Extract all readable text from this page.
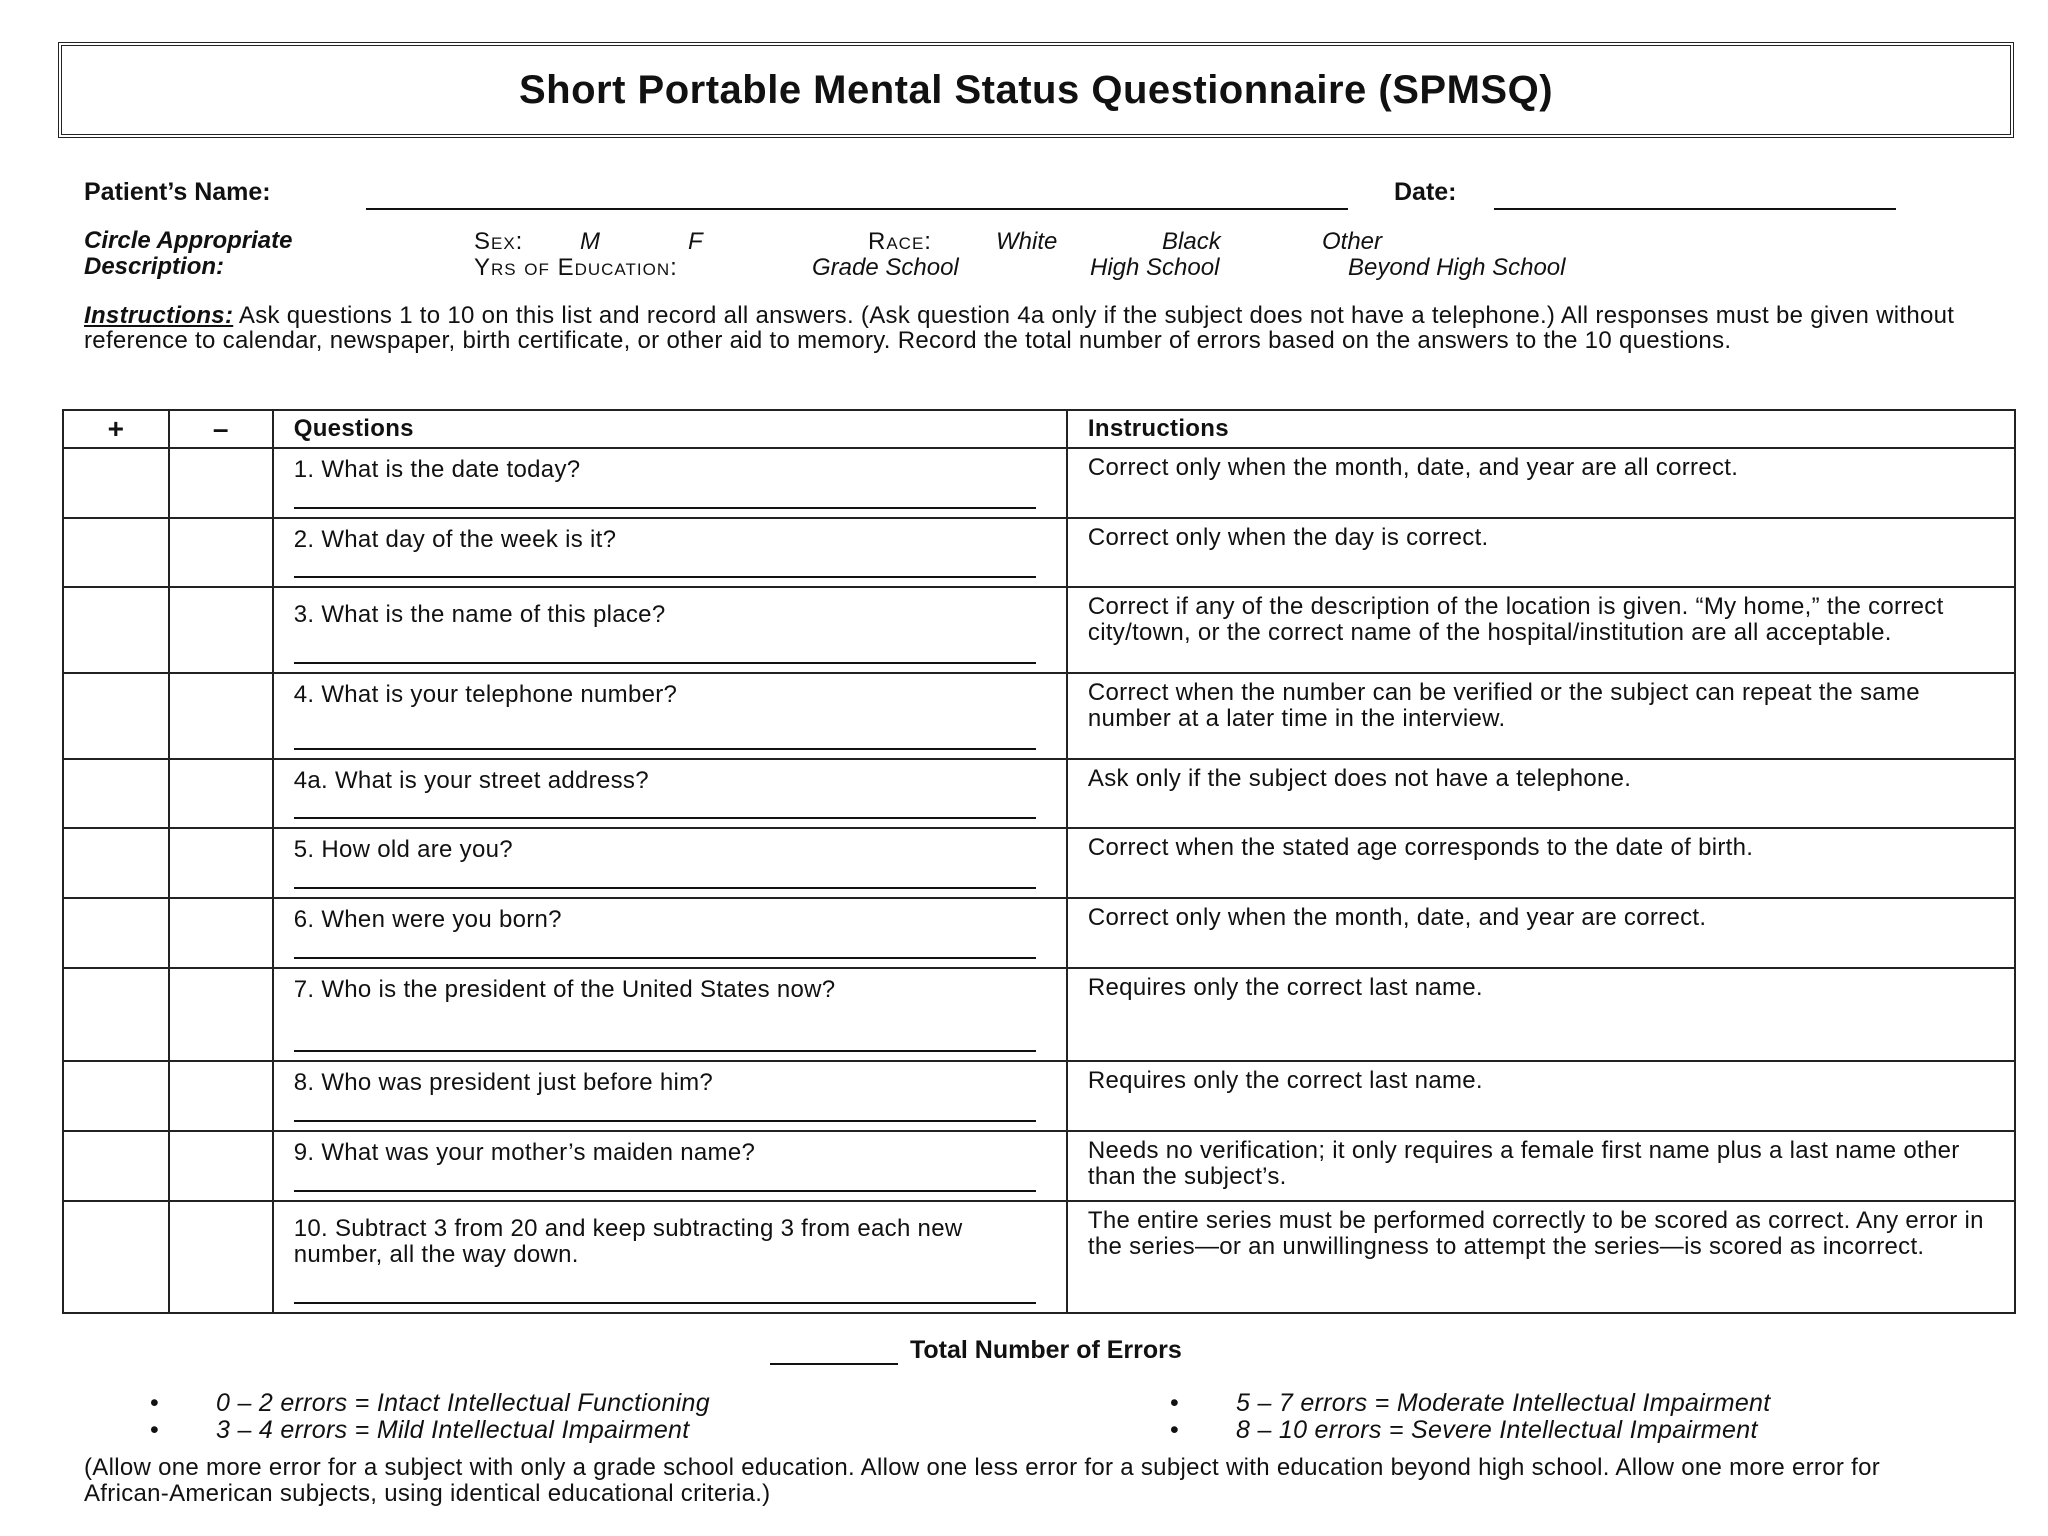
Short Portable Mental Status Questionnaire (SPMSQ)
Patient’s Name:	Date:
Circle Appropriate
Description:
Sex: M	F	Race:	White	Black	Other
Yrs of Education:	Grade School	High School	Beyond High School
Instructions: Ask questions 1 to 10 on this list and record all answers. (Ask question 4a only if the subject does not have a telephone.) All responses must be given without reference to calendar, newspaper, birth certificate, or other aid to memory. Record the total number of errors based on the answers to the 10 questions.
+	–	Questions	Instructions

		1. What is the date today?	Correct only when the month, date, and year are all correct.

		2. What day of the week is it?	Correct only when the day is correct.

		3. What is the name of this place?	Correct if any of the description of the location is given. “My home,” the correct city/town, or the correct name of the hospital/institution are all acceptable.

		4. What is your telephone number?	Correct when the number can be verified or the subject can repeat the same number at a later time in the interview.

		4a. What is your street address?	Ask only if the subject does not have a telephone.

		5. How old are you?	Correct when the stated age corresponds to the date of birth.

		6. When were you born?	Correct only when the month, date, and year are correct.

		7. Who is the president of the United States now?	Requires only the correct last name.

		8. Who was president just before him?	Requires only the correct last name.

		9. What was your mother’s maiden name?	Needs no verification; it only requires a female first name plus a last name other than the subject’s.

		10. Subtract 3 from 20 and keep subtracting 3 from each new number, all the way down.	The entire series must be performed correctly to be scored as correct. Any error in the series—or an unwillingness to attempt the series—is scored as incorrect.
Total Number of Errors
• 0 – 2 errors = Intact Intellectual Functioning
• 3 – 4 errors = Mild Intellectual Impairment
• 5 – 7 errors = Moderate Intellectual Impairment
• 8 – 10 errors = Severe Intellectual Impairment
(Allow one more error for a subject with only a grade school education. Allow one less error for a subject with education beyond high school. Allow one more error for African-American subjects, using identical educational criteria.)
